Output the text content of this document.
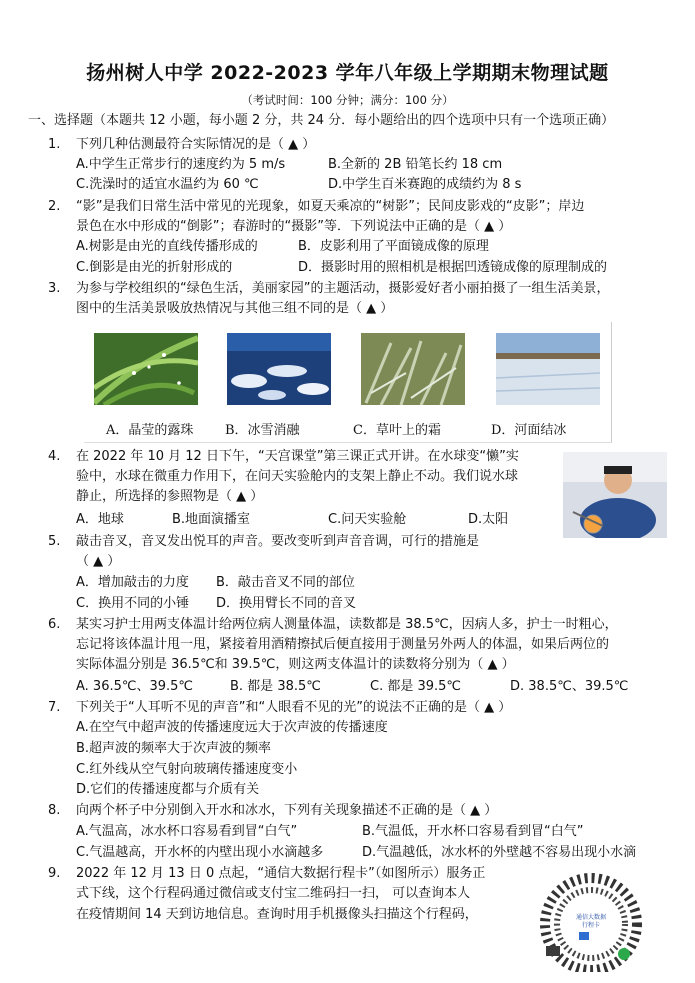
扬州树人中学 2022-2023 学年八年级上学期期末物理试题
（考试时间：100 分钟；满分：100 分）
一、选择题（本题共 12 小题，每小题 2 分，共 24 分．每小题给出的四个选项中只有一个选项正确）
1. 下列几种估测最符合实际情况的是（ ▲ ）
A.中学生正常步行的速度约为 5 m/s	B.全新的 2B 铅笔长约 18 cm
C.洗澡时的适宜水温约为 60 ℃	D.中学生百米赛跑的成绩约为 8 s
2. “影”是我们日常生活中常见的光现象，如夏天乘凉的“树影”；民间皮影戏的“皮影”；岸边
景色在水中形成的“倒影”；春游时的“摄影”等．下列说法中正确的是（ ▲ ）
A.树影是由光的直线传播形成的	B．皮影利用了平面镜成像的原理
C.倒影是由光的折射形成的	D．摄影时用的照相机是根据凹透镜成像的原理制成的
3. 为参与学校组织的“绿色生活，美丽家园”的主题活动，摄影爱好者小丽拍摄了一组生活美景，
图中的生活美景吸放热情况与其他三组不同的是（ ▲ ）
A．晶莹的露珠 B．冰雪消融	C．草叶上的霜	D．河面结冰
4. 在 2022 年 10 月 12 日下午，“天宫课堂”第三课正式开讲。在水球变“懒”实
验中，水球在微重力作用下，在问天实验舱内的支架上静止不动。我们说水球
静止，所选择的参照物是（ ▲ ）
A．地球	B.地面演播室	C.问天实验舱	D.太阳
5. 敲击音叉，音叉发出悦耳的声音。要改变听到声音音调，可行的措施是
（ ▲ ）
A．增加敲击的力度 B．敲击音叉不同的部位
C．换用不同的小锤 D．换用臂长不同的音叉
6. 某实习护士用两支体温计给两位病人测量体温，读数都是 38.5℃，因病人多，护士一时粗心，
忘记将该体温计甩一甩，紧接着用酒精擦拭后便直接用于测量另外两人的体温，如果后两位的
实际体温分别是 36.5℃和 39.5℃，则这两支体温计的读数将分别为（ ▲ ）
A. 36.5℃、39.5℃	B. 都是 38.5℃	C. 都是 39.5℃	D. 38.5℃、39.5℃
7. 下列关于“人耳听不见的声音”和“人眼看不见的光”的说法不正确的是（ ▲ ）
A.在空气中超声波的传播速度远大于次声波的传播速度
B.超声波的频率大于次声波的频率
C.红外线从空气射向玻璃传播速度变小
D.它们的传播速度都与介质有关
8. 向两个杯子中分别倒入开水和冰水，下列有关现象描述不正确的是（ ▲ ）
A.气温高，冰水杯口容易看到冒“白气”	B.气温低，开水杯口容易看到冒“白气”
C.气温越高，开水杯的内壁出现小水滴越多	D.气温越低，冰水杯的外壁越不容易出现小水滴
9. 2022 年 12 月 13 日 0 点起，“通信大数据行程卡”（如图所示）服务正
式下线，这个行程码通过微信或支付宝二维码扫一扫， 可以查询本人
在疫情期间 14 天到访地信息。查询时用手机摄像头扫描这个行程码，	通信大数据
行程卡
